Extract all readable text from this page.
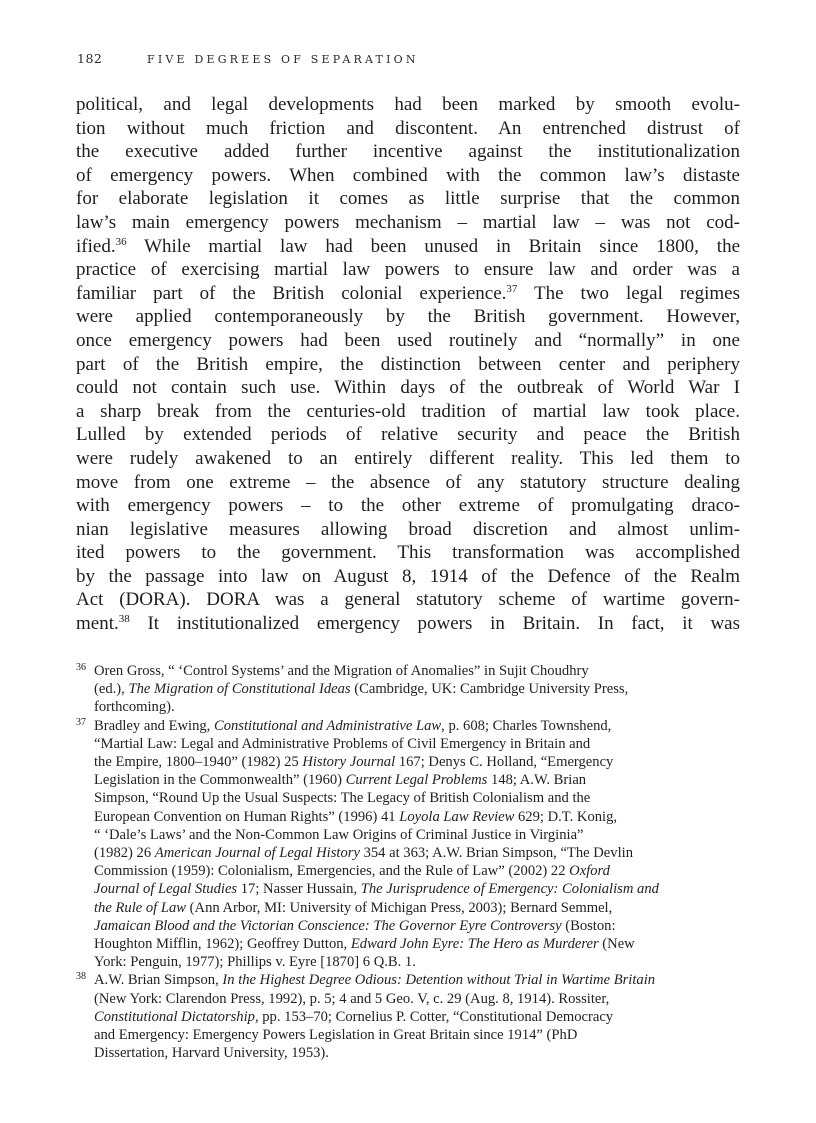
182	FIVE DEGREES OF SEPARATION
political, and legal developments had been marked by smooth evolu-
tion without much friction and discontent. An entrenched distrust of
the executive added further incentive against the institutionalization
of emergency powers. When combined with the common law’s distaste
for elaborate legislation it comes as little surprise that the common
law’s main emergency powers mechanism – martial law – was not cod-
ified.$^{36}$ While martial law had been unused in Britain since 1800, the
practice of exercising martial law powers to ensure law and order was a
familiar part of the British colonial experience.$^{37}$ The two legal regimes
were applied contemporaneously by the British government. However,
once emergency powers had been used routinely and “normally” in one
part of the British empire, the distinction between center and periphery
could not contain such use. Within days of the outbreak of World War I
a sharp break from the centuries-old tradition of martial law took place.
Lulled by extended periods of relative security and peace the British
were rudely awakened to an entirely different reality. This led them to
move from one extreme – the absence of any statutory structure dealing
with emergency powers – to the other extreme of promulgating draco-
nian legislative measures allowing broad discretion and almost unlim-
ited powers to the government. This transformation was accomplished
by the passage into law on August 8, 1914 of the Defence of the Realm
Act (DORA). DORA was a general statutory scheme of wartime govern-
ment.$^{38}$ It institutionalized emergency powers in Britain. In fact, it was
36 Oren Gross, “ ‘Control Systems’ and the Migration of Anomalies” in Sujit Choudhry
(ed.), The Migration of Constitutional Ideas (Cambridge, UK: Cambridge University Press,
forthcoming).
37 Bradley and Ewing, Constitutional and Administrative Law, p. 608; Charles Townshend,
“Martial Law: Legal and Administrative Problems of Civil Emergency in Britain and
the Empire, 1800–1940” (1982) 25 History Journal 167; Denys C. Holland, “Emergency
Legislation in the Commonwealth” (1960) Current Legal Problems 148; A.W. Brian
Simpson, “Round Up the Usual Suspects: The Legacy of British Colonialism and the
European Convention on Human Rights” (1996) 41 Loyola Law Review 629; D.T. Konig,
“ ‘Dale’s Laws’ and the Non-Common Law Origins of Criminal Justice in Virginia”
(1982) 26 American Journal of Legal History 354 at 363; A.W. Brian Simpson, “The Devlin
Commission (1959): Colonialism, Emergencies, and the Rule of Law” (2002) 22 Oxford
Journal of Legal Studies 17; Nasser Hussain, The Jurisprudence of Emergency: Colonialism and
the Rule of Law (Ann Arbor, MI: University of Michigan Press, 2003); Bernard Semmel,
Jamaican Blood and the Victorian Conscience: The Governor Eyre Controversy (Boston:
Houghton Mifflin, 1962); Geoffrey Dutton, Edward John Eyre: The Hero as Murderer (New
York: Penguin, 1977); Phillips v. Eyre [1870] 6 Q.B. 1.
38 A.W. Brian Simpson, In the Highest Degree Odious: Detention without Trial in Wartime Britain
(New York: Clarendon Press, 1992), p. 5; 4 and 5 Geo. V, c. 29 (Aug. 8, 1914). Rossiter,
Constitutional Dictatorship, pp. 153–70; Cornelius P. Cotter, “Constitutional Democracy
and Emergency: Emergency Powers Legislation in Great Britain since 1914” (PhD
Dissertation, Harvard University, 1953).
